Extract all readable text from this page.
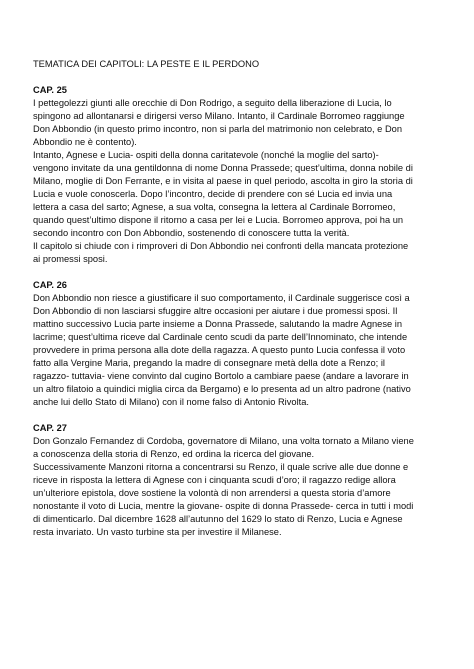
TEMATICA DEI CAPITOLI: LA PESTE E IL PERDONO

CAP. 25
I pettegolezzi giunti alle orecchie di Don Rodrigo, a seguito della liberazione di Lucia, lo
spingono ad allontanarsi e dirigersi verso Milano. Intanto, il Cardinale Borromeo raggiunge
Don Abbondio (in questo primo incontro, non si parla del matrimonio non celebrato, e Don
Abbondio ne è contento).
Intanto, Agnese e Lucia- ospiti della donna caritatevole (nonché la moglie del sarto)-
vengono invitate da una gentildonna di nome Donna Prassede; quest’ultima, donna nobile di
Milano, moglie di Don Ferrante, e in visita al paese in quel periodo, ascolta in giro la storia di
Lucia e vuole conoscerla. Dopo l’incontro, decide di prendere con sé Lucia ed invia una
lettera a casa del sarto; Agnese, a sua volta, consegna la lettera al Cardinale Borromeo,
quando quest’ultimo dispone il ritorno a casa per lei e Lucia. Borromeo approva, poi ha un
secondo incontro con Don Abbondio, sostenendo di conoscere tutta la verità.
Il capitolo si chiude con i rimproveri di Don Abbondio nei confronti della mancata protezione
ai promessi sposi.
CAP. 26
Don Abbondio non riesce a giustificare il suo comportamento, il Cardinale suggerisce così a
Don Abbondio di non lasciarsi sfuggire altre occasioni per aiutare i due promessi sposi. Il
mattino successivo Lucia parte insieme a Donna Prassede, salutando la madre Agnese in
lacrime; quest’ultima riceve dal Cardinale cento scudi da parte dell’Innominato, che intende
provvedere in prima persona alla dote della ragazza. A questo punto Lucia confessa il voto
fatto alla Vergine Maria, pregando la madre di consegnare metà della dote a Renzo; il
ragazzo- tuttavia- viene convinto dal cugino Bortolo a cambiare paese (andare a lavorare in
un altro filatoio a quindici miglia circa da Bergamo) e lo presenta ad un altro padrone (nativo
anche lui dello Stato di Milano) con il nome falso di Antonio Rivolta.
CAP. 27
Don Gonzalo Fernandez di Cordoba, governatore di Milano, una volta tornato a Milano viene
a conoscenza della storia di Renzo, ed ordina la ricerca del giovane.
Successivamente Manzoni ritorna a concentrarsi su Renzo, il quale scrive alle due donne e
riceve in risposta la lettera di Agnese con i cinquanta scudi d’oro; il ragazzo redige allora
un’ulteriore epistola, dove sostiene la volontà di non arrendersi a questa storia d’amore
nonostante il voto di Lucia, mentre la giovane- ospite di donna Prassede- cerca in tutti i modi
di dimenticarlo. Dal dicembre 1628 all’autunno del 1629 lo stato di Renzo, Lucia e Agnese
resta invariato. Un vasto turbine sta per investire il Milanese.
